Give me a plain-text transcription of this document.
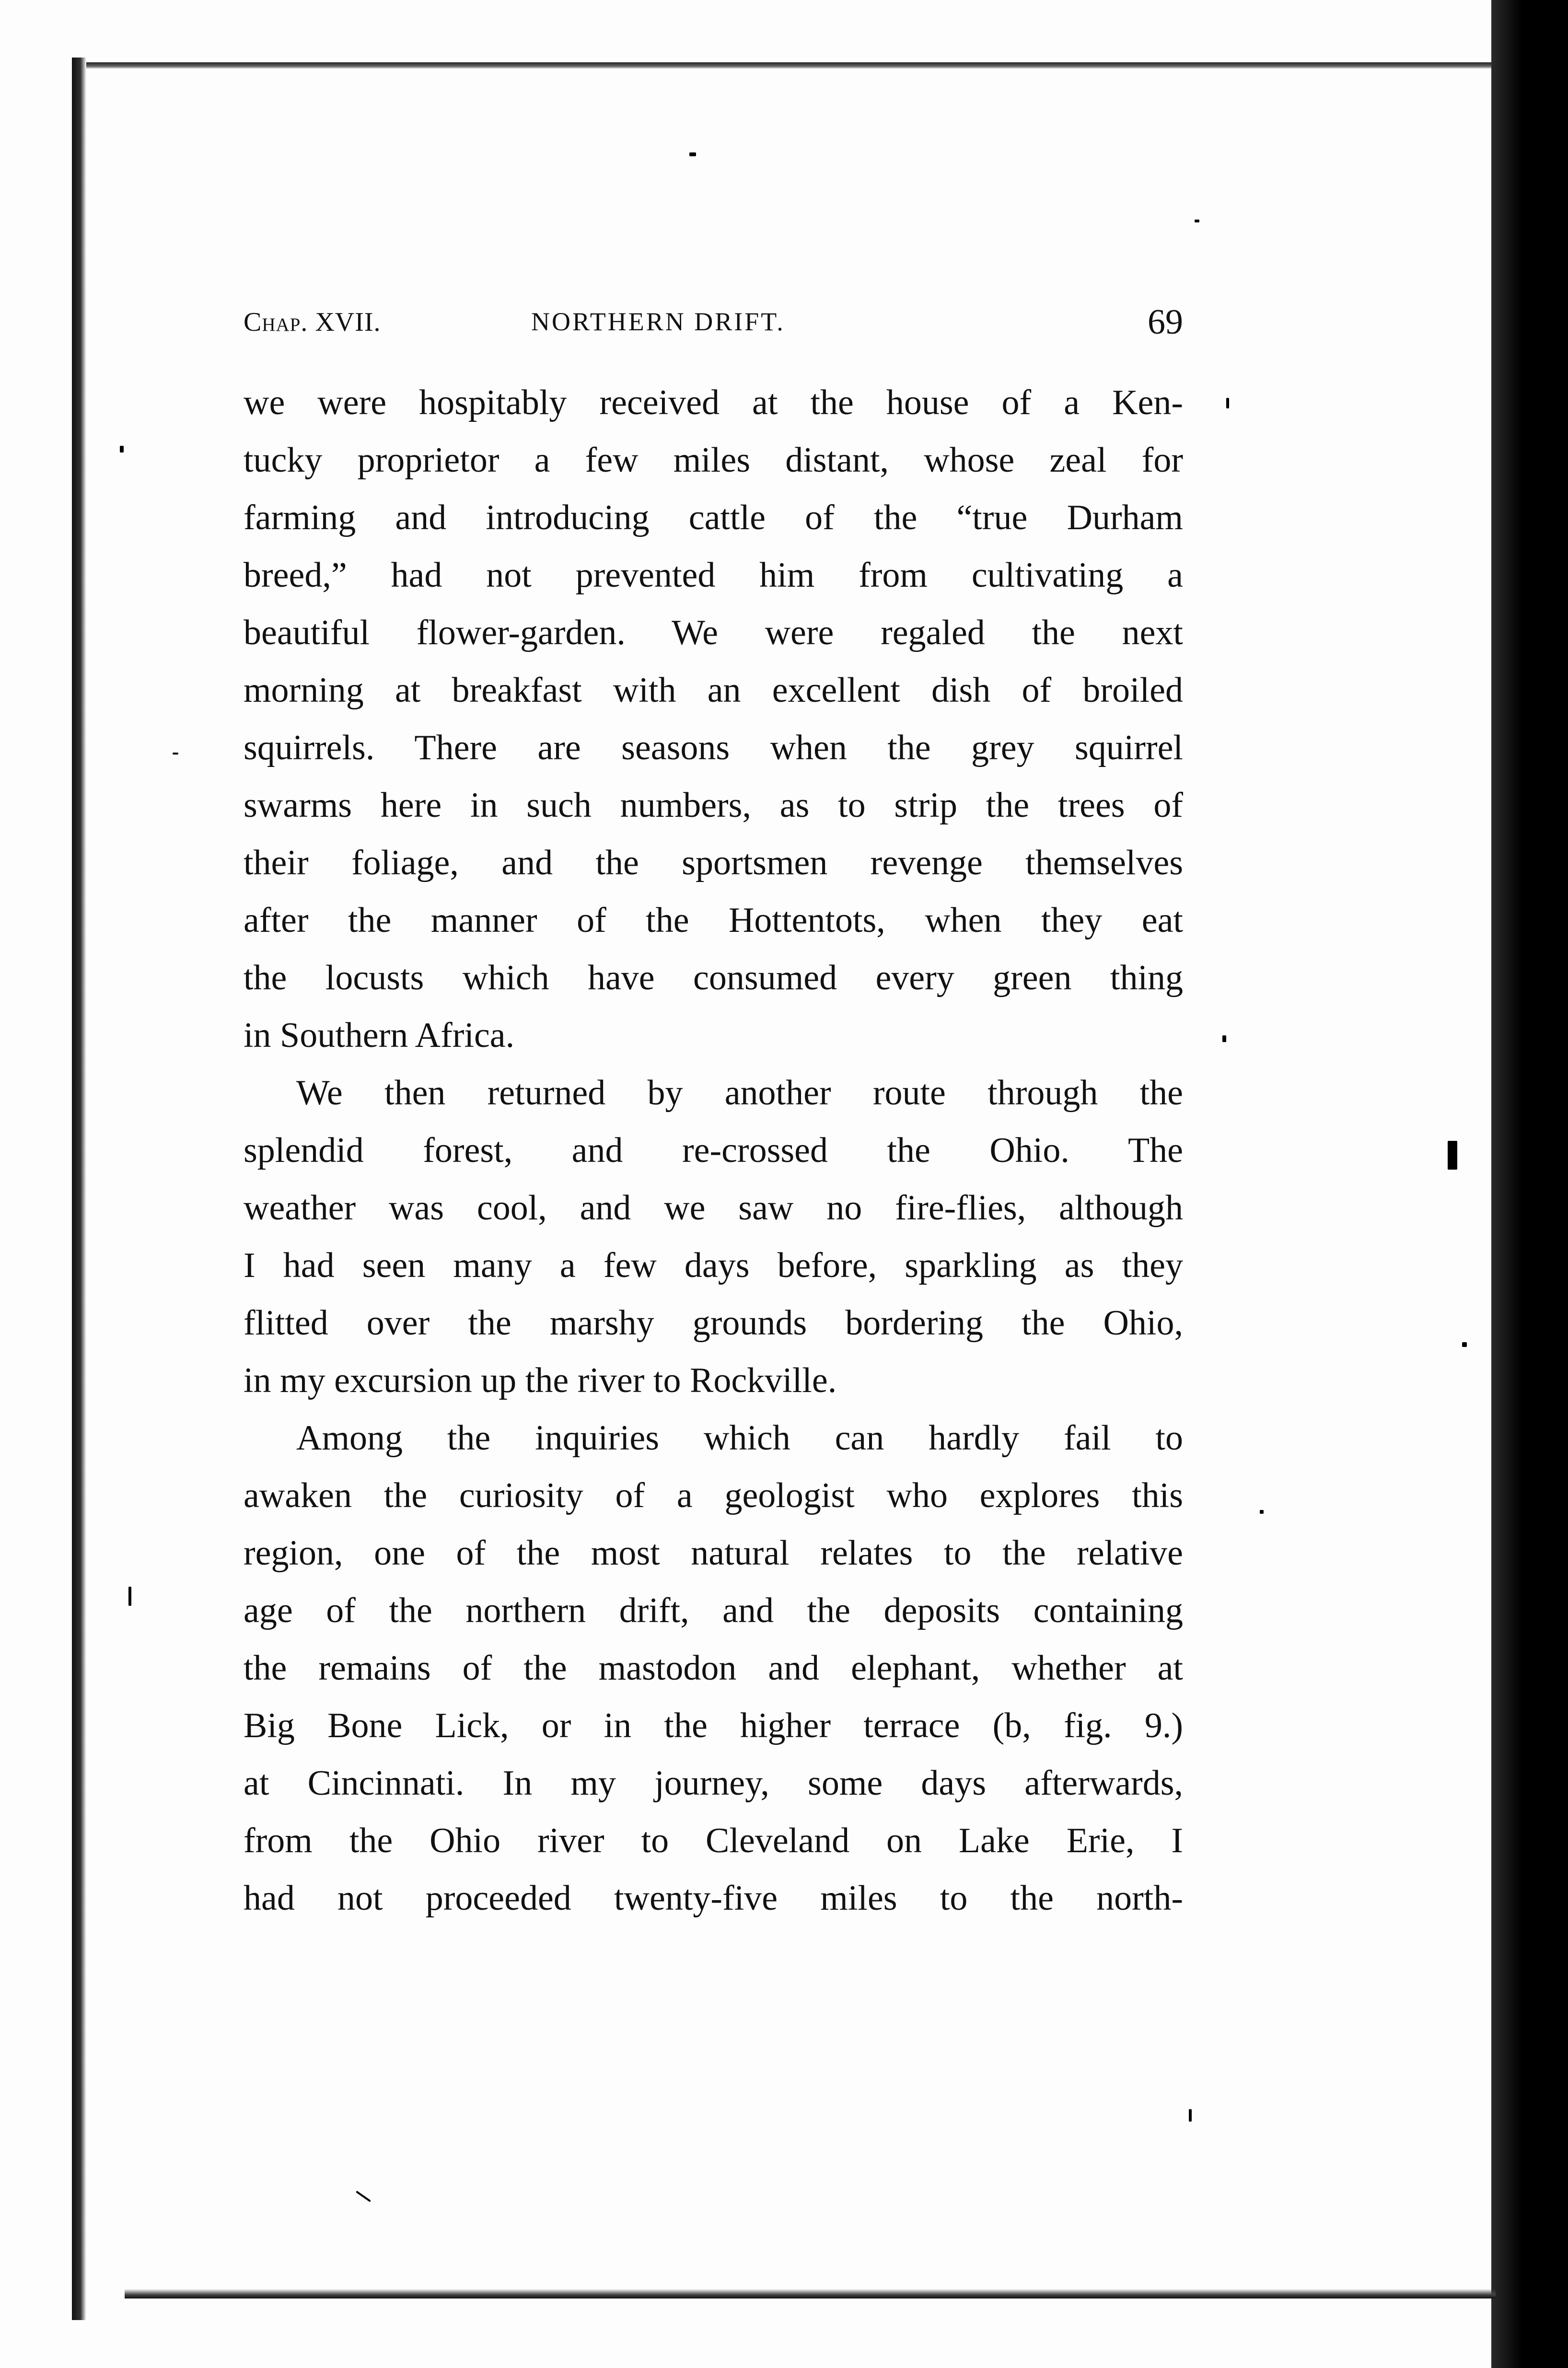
Chap. XVII.	NORTHERN DRIFT.	69
we were hospitably received at the house of a Ken-
tucky proprietor a few miles distant, whose zeal for
farming and introducing cattle of the “true Durham
breed,” had not prevented him from cultivating a
beautiful flower-garden. We were regaled the next
morning at breakfast with an excellent dish of broiled
squirrels. There are seasons when the grey squirrel
swarms here in such numbers, as to strip the trees of
their foliage, and the sportsmen revenge themselves
after the manner of the Hottentots, when they eat
the locusts which have consumed every green thing
in Southern Africa.
We then returned by another route through the
splendid forest, and re-crossed the Ohio. The
weather was cool, and we saw no fire-flies, although
I had seen many a few days before, sparkling as they
flitted over the marshy grounds bordering the Ohio,
in my excursion up the river to Rockville.
Among the inquiries which can hardly fail to
awaken the curiosity of a geologist who explores this
region, one of the most natural relates to the relative
age of the northern drift, and the deposits containing
the remains of the mastodon and elephant, whether at
Big Bone Lick, or in the higher terrace (b, fig. 9.)
at Cincinnati. In my journey, some days afterwards,
from the Ohio river to Cleveland on Lake Erie, I
had not proceeded twenty-five miles to the north-
